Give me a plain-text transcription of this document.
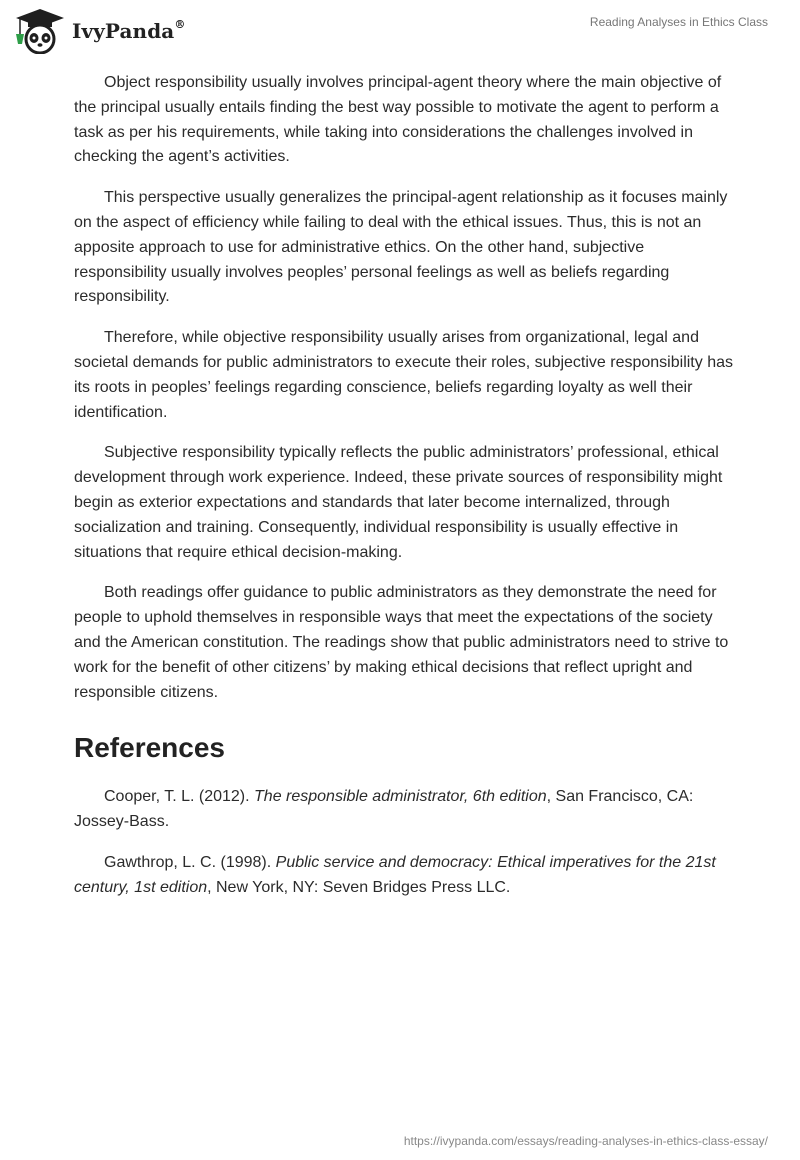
IvyPanda®	Reading Analyses in Ethics Class

Object responsibility usually involves principal-agent theory where the main objective of the principal usually entails finding the best way possible to motivate the agent to perform a task as per his requirements, while taking into considerations the challenges involved in checking the agent’s activities.

This perspective usually generalizes the principal-agent relationship as it focuses mainly on the aspect of efficiency while failing to deal with the ethical issues. Thus, this is not an apposite approach to use for administrative ethics. On the other hand, subjective responsibility usually involves peoples’ personal feelings as well as beliefs regarding responsibility.

Therefore, while objective responsibility usually arises from organizational, legal and societal demands for public administrators to execute their roles, subjective responsibility has its roots in peoples’ feelings regarding conscience, beliefs regarding loyalty as well their identification.

Subjective responsibility typically reflects the public administrators’ professional, ethical development through work experience. Indeed, these private sources of responsibility might begin as exterior expectations and standards that later become internalized, through socialization and training. Consequently, individual responsibility is usually effective in situations that require ethical decision-making.

Both readings offer guidance to public administrators as they demonstrate the need for people to uphold themselves in responsible ways that meet the expectations of the society and the American constitution. The readings show that public administrators need to strive to work for the benefit of other citizens’ by making ethical decisions that reflect upright and responsible citizens.

References
Cooper, T. L. (2012). The responsible administrator, 6th edition, San Francisco, CA: Jossey-Bass.
Gawthrop, L. C. (1998). Public service and democracy: Ethical imperatives for the 21st century, 1st edition, New York, NY: Seven Bridges Press LLC.
https://ivypanda.com/essays/reading-analyses-in-ethics-class-essay/
